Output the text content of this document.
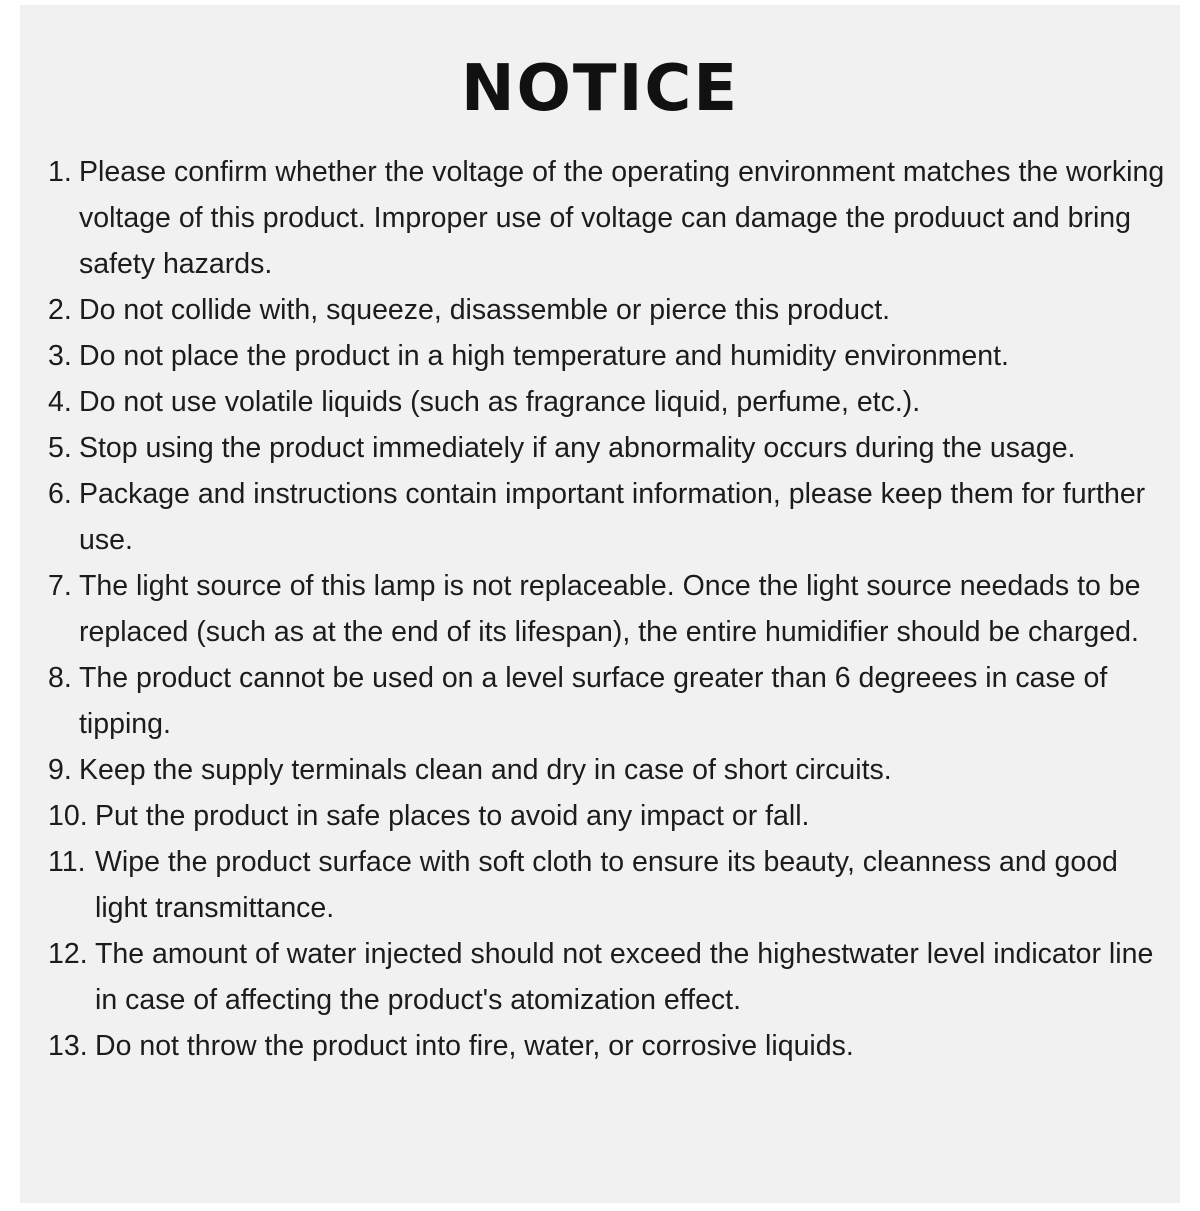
NOTICE
1. Please confirm whether the voltage of the operating environment matches the working voltage of this product. Improper use of voltage can damage the produuct and bring safety hazards.
2. Do not collide with, squeeze, disassemble or pierce this product.
3. Do not place the product in a high temperature and humidity environment.
4. Do not use volatile liquids (such as fragrance liquid, perfume, etc.).
5. Stop using the product immediately if any abnormality occurs during the usage.
6. Package and instructions contain important information, please keep them for further use.
7. The light source of this lamp is not replaceable. Once the light source needads to be replaced (such as at the end of its lifespan), the entire humidifier should be charged.
8. The product cannot be used on a level surface greater than 6 degreees in case of tipping.
9. Keep the supply terminals clean and dry in case of short circuits.
10. Put the product in safe places to avoid any impact or fall.
11. Wipe the product surface with soft cloth to ensure its beauty, cleanness and good light transmittance.
12. The amount of water injected should not exceed the highestwater level indicator line in case of affecting the product's atomization effect.
13. Do not throw the product into fire, water, or corrosive liquids.
